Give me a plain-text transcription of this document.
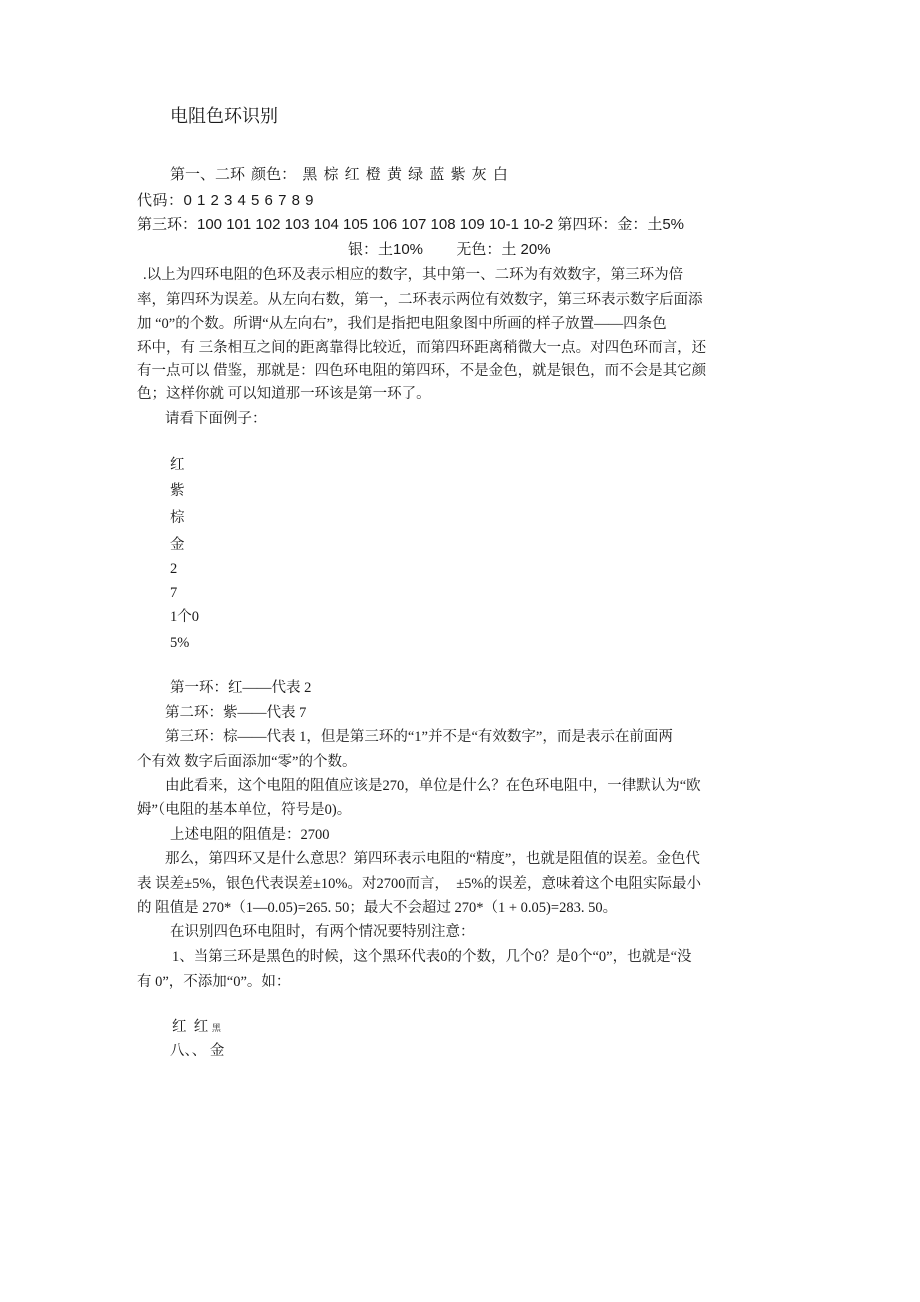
电阻色环识别

第一、二环 颜色： 黑 棕 红 橙 黄 绿 蓝 紫 灰 白

代码：0 1 2 3 4 5 6 7 8 9

第三环：100 101 102 103 104 105 106 107 108 109 10-1 10-2 第四环：金：土5%

银：土10%        无色：土 20%

.以上为四环电阻的色环及表示相应的数字，其中第一、二环为有效数字，第三环为倍

率，第四环为误差。从左向右数，第一，二环表示两位有效数字，第三环表示数字后面添

加 “0”的个数。所谓“从左向右”，我们是指把电阻象图中所画的样子放置——四条色

环中，有 三条相互之间的距离靠得比较近，而第四环距离稍微大一点。对四色环而言，还

有一点可以 借鉴，那就是：四色环电阻的第四环，不是金色，就是银色，而不会是其它颜

色；这样你就 可以知道那一环该是第一环了。

请看下面例子：

红

紫

棕

金

2

7

1个0

5%

第一环：红——代表 2

第二环：紫——代表 7

第三环：棕——代表 1，但是第三环的“1”并不是“有效数字”，而是表示在前面两

个有效 数字后面添加“零”的个数。

由此看来，这个电阻的阻值应该是270，单位是什么？在色环电阻中，一律默认为“欧

姆”（电阻的基本单位，符号是0)。

上述电阻的阻值是：2700

那么，第四环又是什么意思？第四环表示电阻的“精度”，也就是阻值的误差。金色代

表 误差±5%，银色代表误差±10%。对2700而言，  ±5%的误差，意味着这个电阻实际最小

的 阻值是 270*（1—0.05)=265. 50；最大不会超过 270*（1 + 0.05)=283. 50。

在识别四色环电阻时，有两个情况要特别注意：

1、当第三环是黑色的时候，这个黑环代表0的个数，几个0？是0个“0”，也就是“没

有 0”，不添加“0”。如：

红  红 黑

八、、 金
